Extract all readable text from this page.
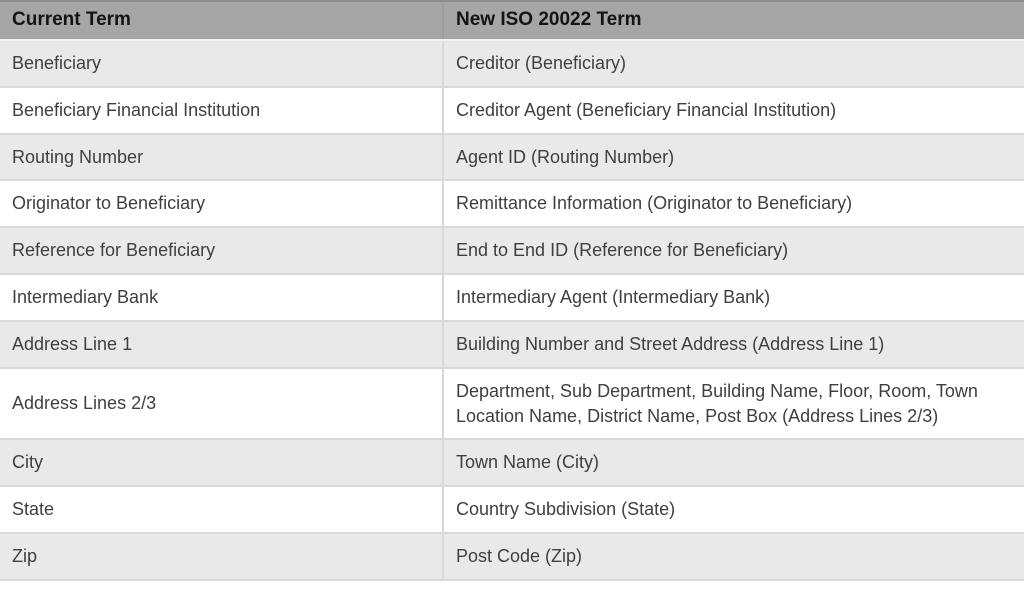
Current Term	New ISO 20022 Term
Beneficiary	Creditor (Beneficiary)
Beneficiary Financial Institution	Creditor Agent (Beneficiary Financial Institution)
Routing Number	Agent ID (Routing Number)
Originator to Beneficiary	Remittance Information (Originator to Beneficiary)
Reference for Beneficiary	End to End ID (Reference for Beneficiary)
Intermediary Bank	Intermediary Agent (Intermediary Bank)
Address Line 1	Building Number and Street Address (Address Line 1)
Address Lines 2/3	Department, Sub Department, Building Name, Floor, Room, Town Location Name, District Name, Post Box (Address Lines 2/3)
City	Town Name (City)
State	Country Subdivision (State)
Zip	Post Code (Zip)
